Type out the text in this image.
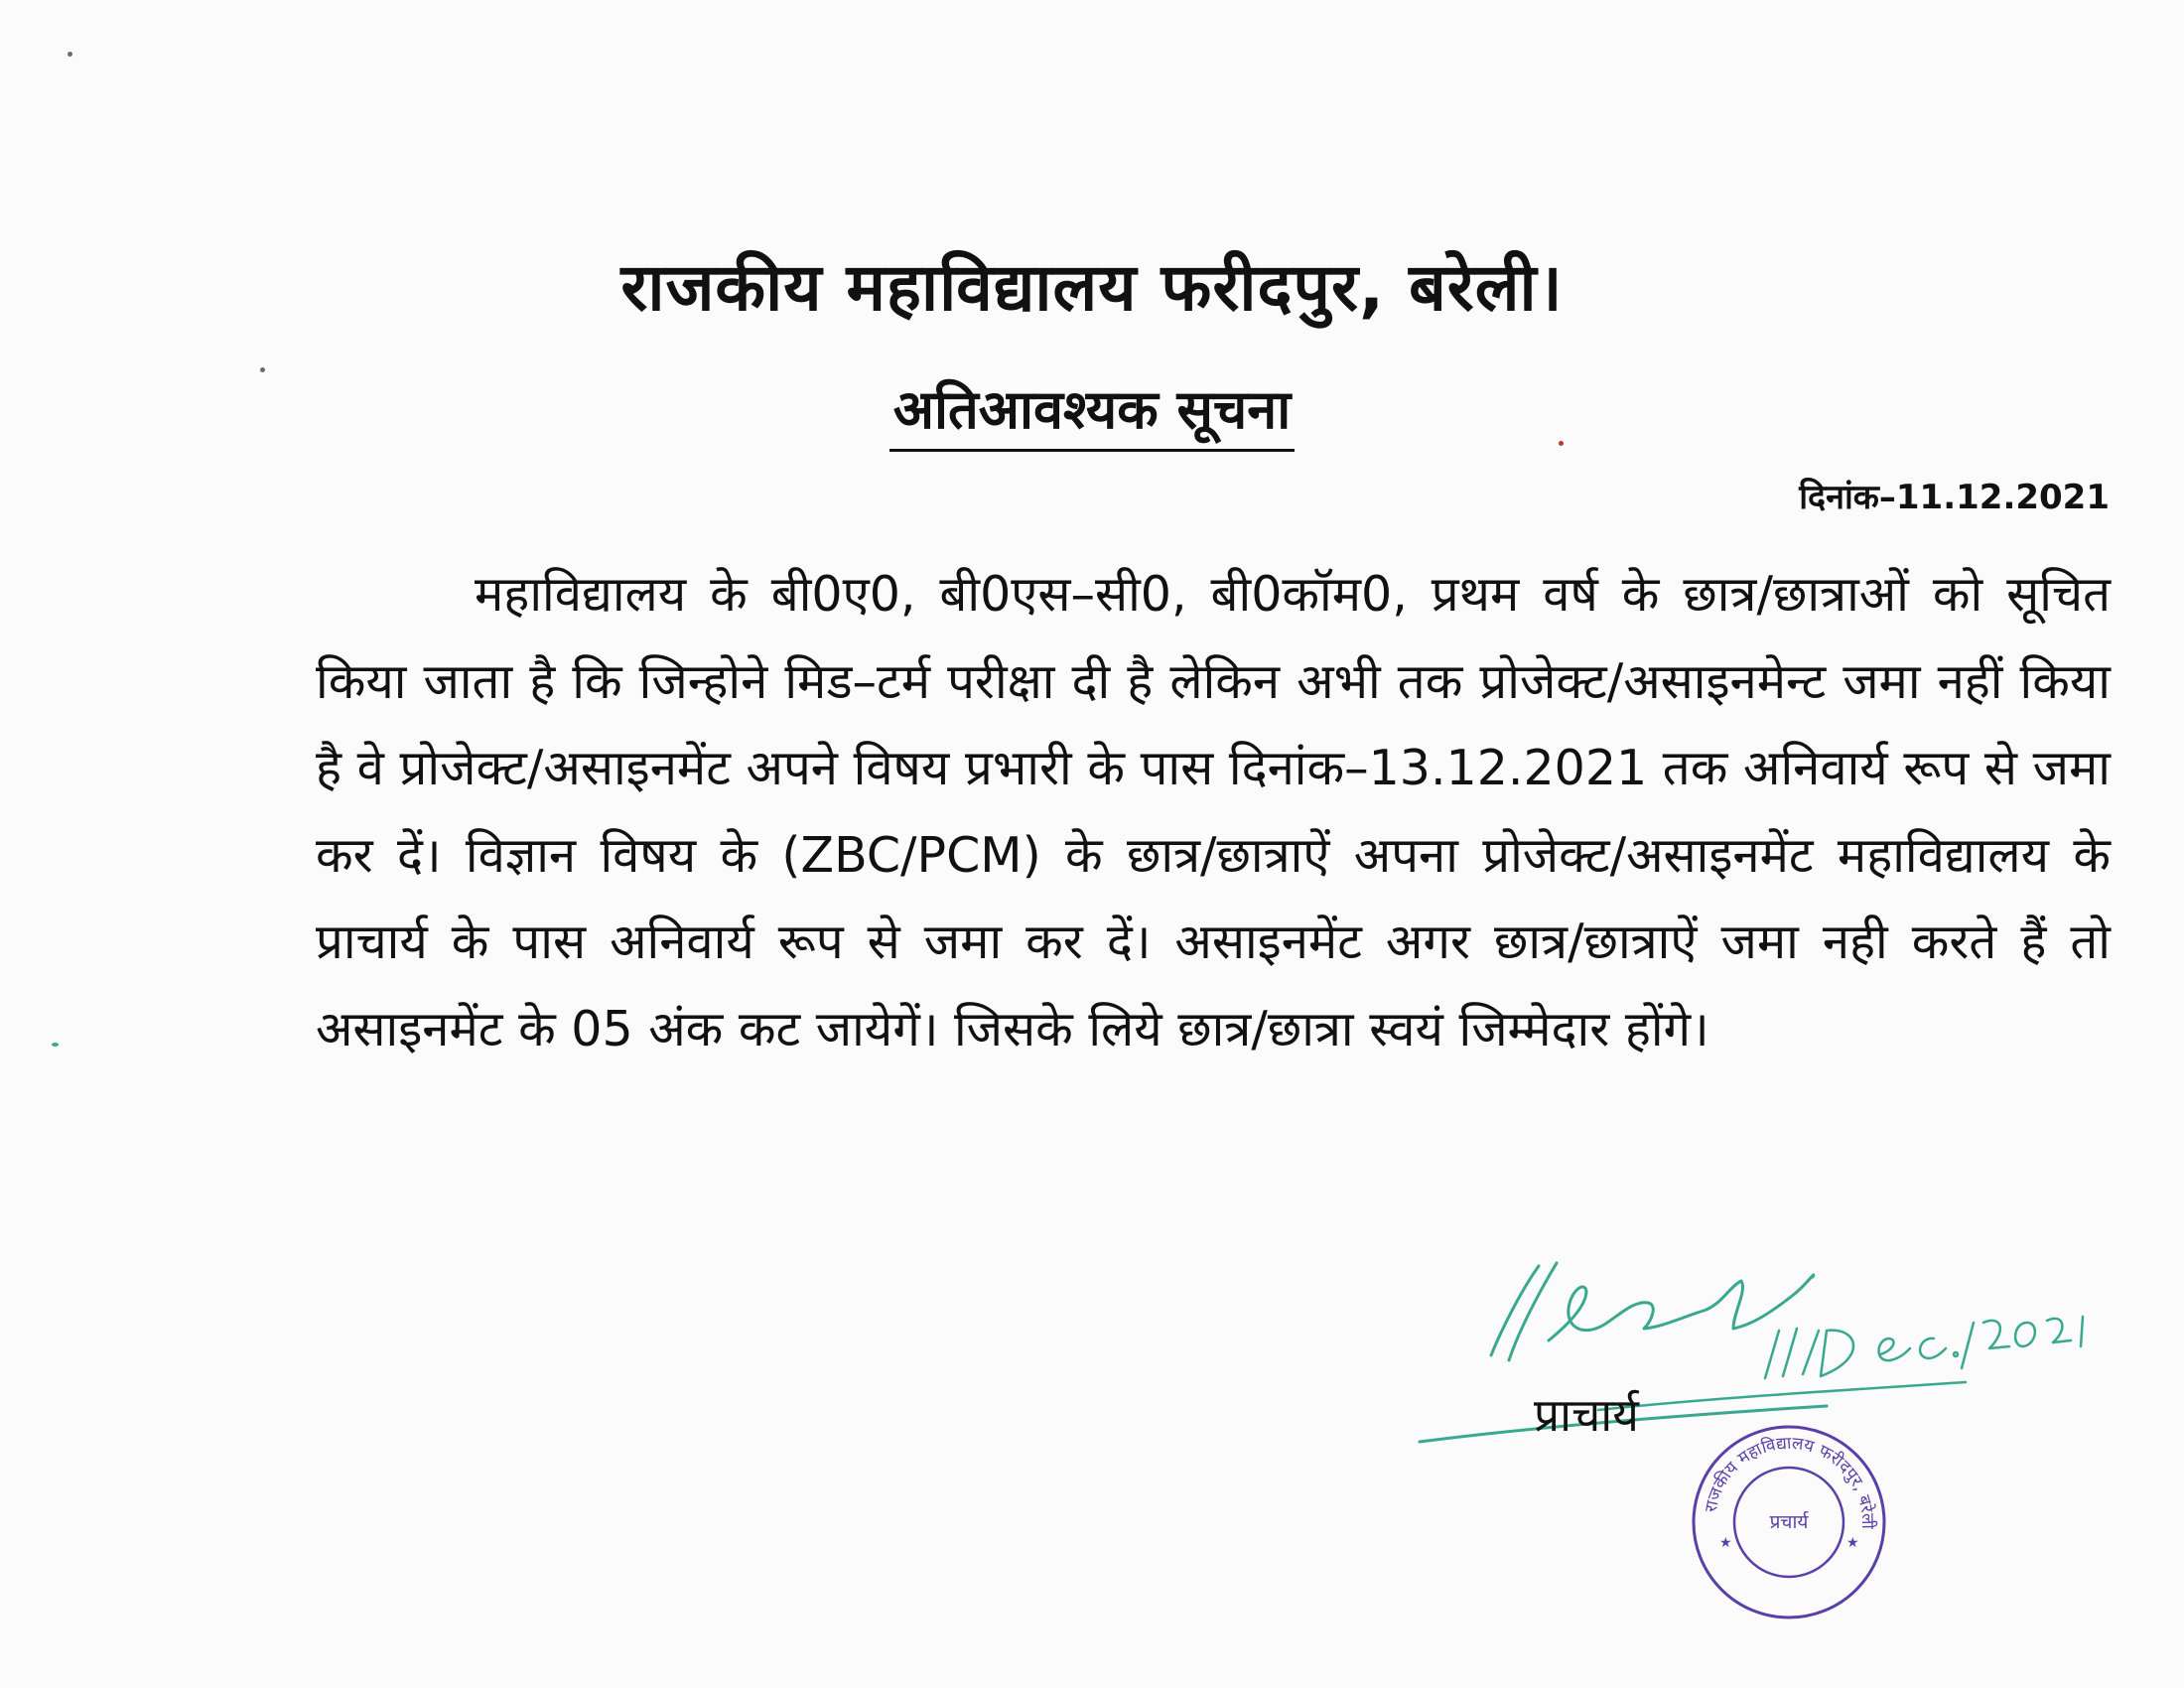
राजकीय महाविद्यालय फरीदपुर, बरेली।
अतिआवश्यक सूचना
दिनांक–11.12.2021

महाविद्यालय के बी0ए0, बी0एस–सी0, बी0कॉम0, प्रथम वर्ष के छात्र/छात्राओं को सूचित किया जाता है कि जिन्होने मिड–टर्म परीक्षा दी है लेकिन अभी तक प्रोजेक्ट/असाइनमेन्ट जमा नहीं किया है वे प्रोजेक्ट/असाइनमेंट अपने विषय प्रभारी के पास दिनांक–13.12.2021 तक अनिवार्य रूप से जमा कर दें। विज्ञान विषय के (ZBC/PCM) के छात्र/छात्राऐं अपना प्रोजेक्ट/असाइनमेंट महाविद्यालय के प्राचार्य के पास अनिवार्य रूप से जमा कर दें। असाइनमेंट अगर छात्र/छात्राऐं जमा नही करते हैं तो असाइनमेंट के 05 अंक कट जायेगें। जिसके लिये छात्र/छात्रा स्वयं जिम्मेदार होंगे।

प्राचार्य
राजकीय महाविद्यालय फरीदपुर, बरेली
प्रचार्य
★	★
